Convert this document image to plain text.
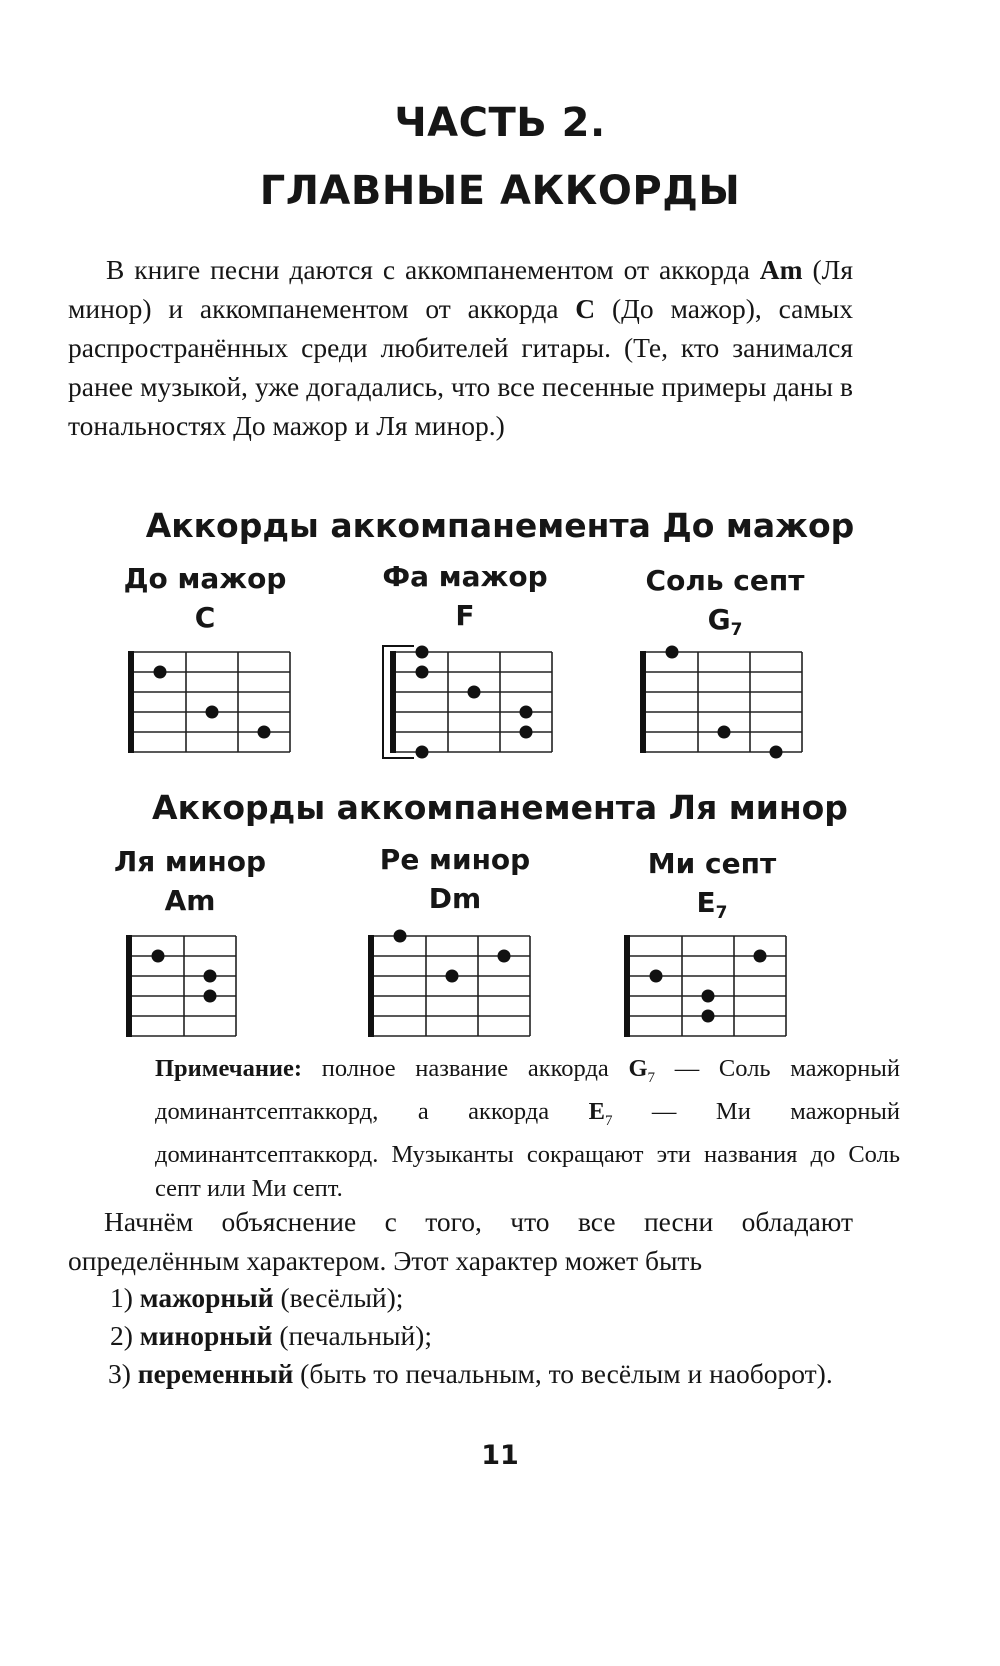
ЧАСТЬ 2.
ГЛАВНЫЕ АККОРДЫ

В книге песни даются с аккомпанементом от аккорда Am (Ля минор) и аккомпанементом от аккорда C (До мажор), самых распространённых среди любителей гитары. (Те, кто занимался ранее музыкой, уже догадались, что все песенные примеры даны в тональностях До мажор и Ля минор.)

Аккорды аккомпанемента До мажор
До мажор
C
Фа мажор
F
Соль септ
$G_7$
Аккорды аккомпанемента Ля минор
Ля минор
Am
Ре минор
Dm
Ми септ
$E_7$

Примечание: полное название аккорда $G_7$ — Соль мажорный доминантсептаккорд, а аккорда $E_7$ — Ми мажорный доминантсептаккорд. Музыканты сокращают эти названия до Соль септ или Ми септ.

Начнём объяснение с того, что все песни обладают определённым характером. Этот характер может быть

1) мажорный (весёлый);

2) минорный (печальный);

3) переменный (быть то печальным, то весёлым и наоборот).

11
